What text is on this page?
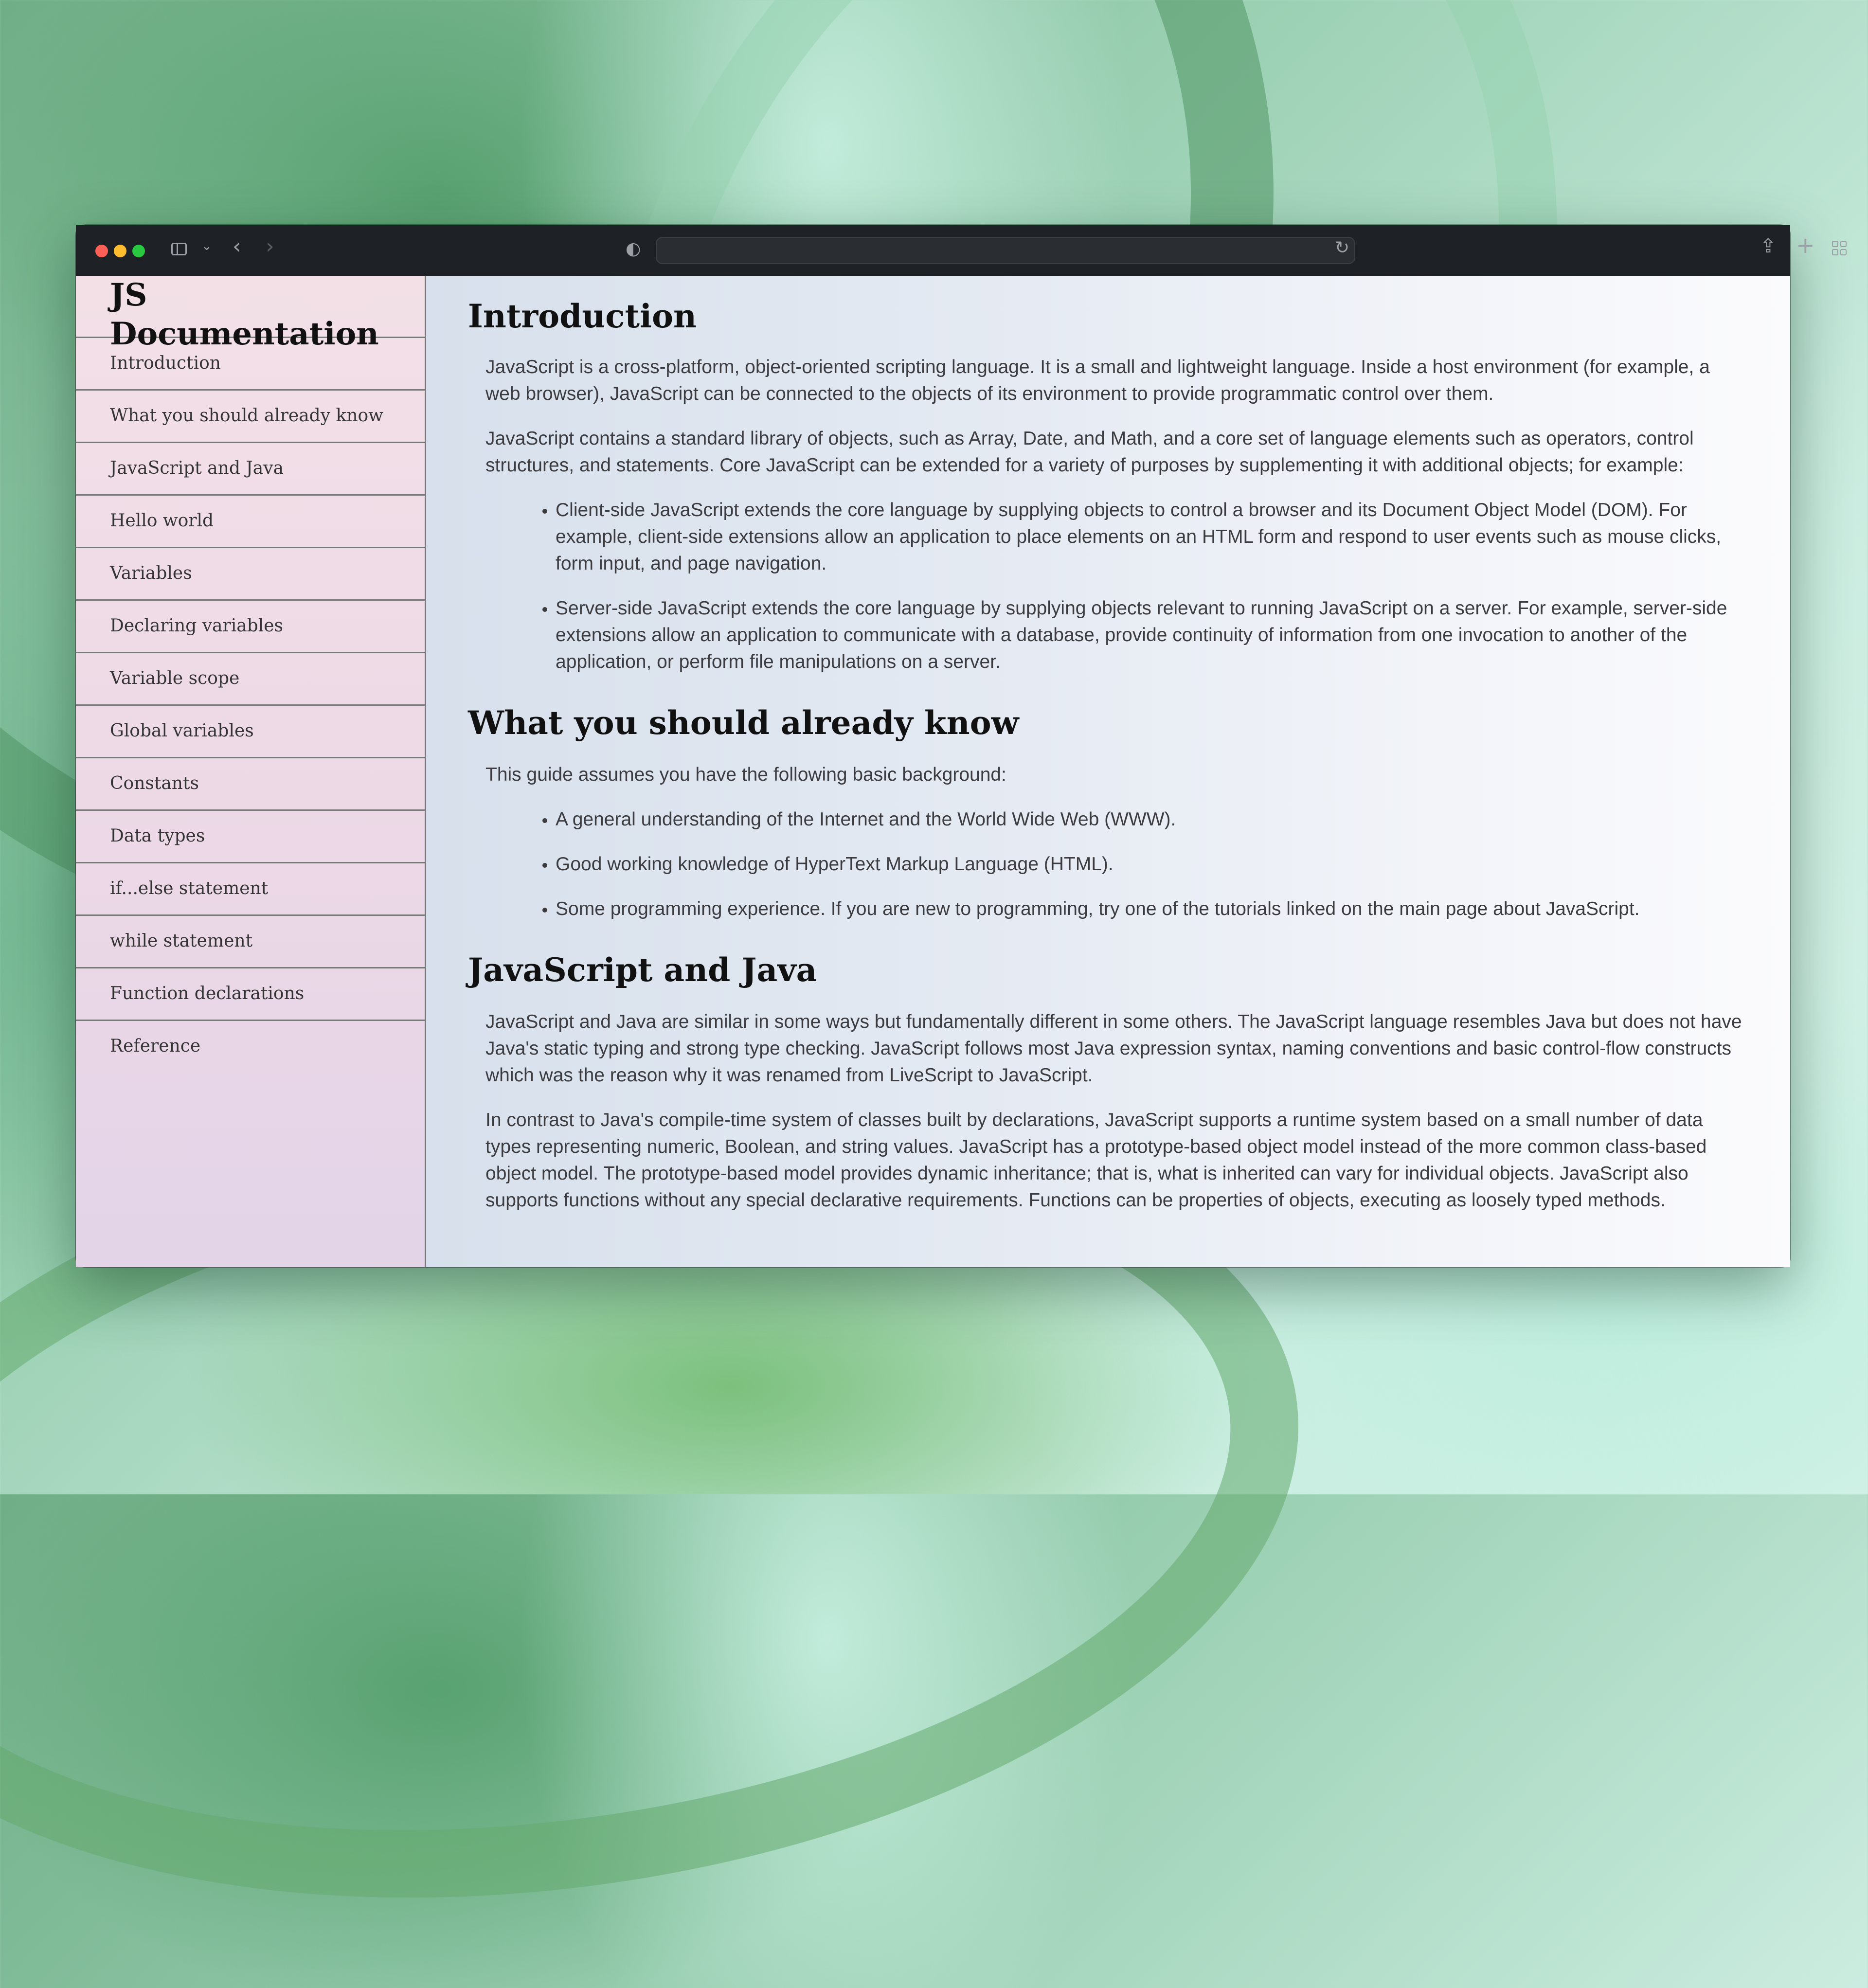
⌄ ‹ ›	◐	↻	⇪ +
JS Documentation
Introduction
What you should already know
JavaScript and Java
Hello world
Variables
Declaring variables
Variable scope
Global variables
Constants
Data types
if...else statement
while statement
Function declarations
Reference
Introduction

JavaScript is a cross-platform, object-oriented scripting language. It is a small and lightweight language. Inside a host environment (for example, a web browser), JavaScript can be connected to the objects of its environment to provide programmatic control over them.

JavaScript contains a standard library of objects, such as Array, Date, and Math, and a core set of language elements such as operators, control structures, and statements. Core JavaScript can be extended for a variety of purposes by supplementing it with additional objects; for example:

• Client-side JavaScript extends the core language by supplying objects to control a browser and its Document Object Model (DOM). For example, client-side extensions allow an application to place elements on an HTML form and respond to user events such as mouse clicks, form input, and page navigation.
• Server-side JavaScript extends the core language by supplying objects relevant to running JavaScript on a server. For example, server-side extensions allow an application to communicate with a database, provide continuity of information from one invocation to another of the application, or perform file manipulations on a server.
What you should already know

This guide assumes you have the following basic background:

• A general understanding of the Internet and the World Wide Web (WWW).
• Good working knowledge of HyperText Markup Language (HTML).
• Some programming experience. If you are new to programming, try one of the tutorials linked on the main page about JavaScript.
JavaScript and Java

JavaScript and Java are similar in some ways but fundamentally different in some others. The JavaScript language resembles Java but does not have Java's static typing and strong type checking. JavaScript follows most Java expression syntax, naming conventions and basic control-flow constructs which was the reason why it was renamed from LiveScript to JavaScript.

In contrast to Java's compile-time system of classes built by declarations, JavaScript supports a runtime system based on a small number of data types representing numeric, Boolean, and string values. JavaScript has a prototype-based object model instead of the more common class-based object model. The prototype-based model provides dynamic inheritance; that is, what is inherited can vary for individual objects. JavaScript also supports functions without any special declarative requirements. Functions can be properties of objects, executing as loosely typed methods.
